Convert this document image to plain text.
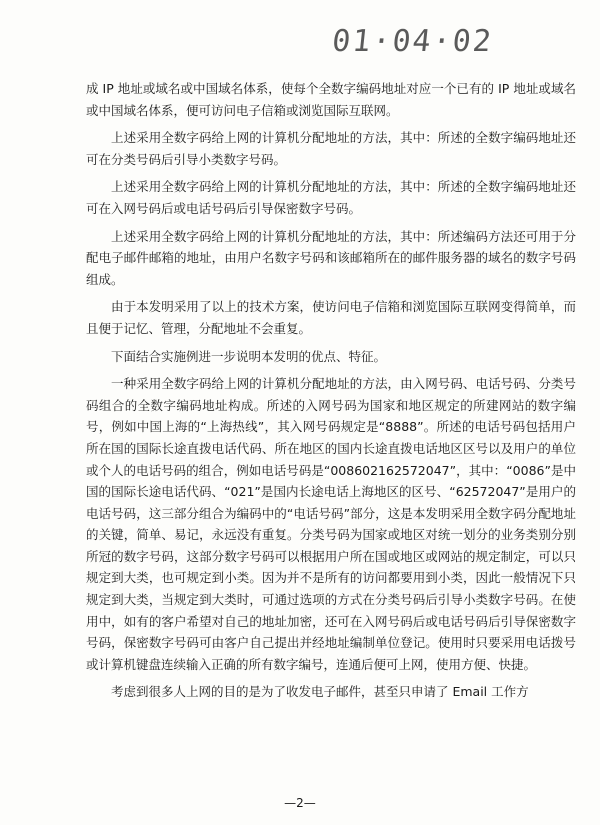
01·04·02

成 IP 地址或域名或中国域名体系，使每个全数字编码地址对应一个已有的 IP 地址或域名或中国域名体系，便可访问电子信箱或浏览国际互联网。

上述采用全数字码给上网的计算机分配地址的方法，其中：所述的全数字编码地址还可在分类号码后引导小类数字号码。

上述采用全数字码给上网的计算机分配地址的方法，其中：所述的全数字编码地址还可在入网号码后或电话号码后引导保密数字号码。

上述采用全数字码给上网的计算机分配地址的方法，其中：所述编码方法还可用于分配电子邮件邮箱的地址，由用户名数字号码和该邮箱所在的邮件服务器的域名的数字号码组成。

由于本发明采用了以上的技术方案，使访问电子信箱和浏览国际互联网变得简单，而且便于记忆、管理，分配地址不会重复。

下面结合实施例进一步说明本发明的优点、特征。

一种采用全数字码给上网的计算机分配地址的方法，由入网号码、电话号码、分类号码组合的全数字编码地址构成。所述的入网号码为国家和地区规定的所建网站的数字编号，例如中国上海的“上海热线”，其入网号码规定是“8888”。所述的电话号码包括用户所在国的国际长途直拨电话代码、所在地区的国内长途直拨电话地区区号以及用户的单位或个人的电话号码的组合，例如电话号码是“008602162572047”，其中：“0086”是中国的国际长途电话代码、“021”是国内长途电话上海地区的区号、“62572047”是用户的电话号码，这三部分组合为编码中的“电话号码”部分，这是本发明采用全数字码分配地址的关键，简单、易记，永远没有重复。分类号码为国家或地区对统一划分的业务类别分别所冠的数字号码，这部分数字号码可以根据用户所在国或地区或网站的规定制定，可以只规定到大类，也可规定到小类。因为并不是所有的访问都要用到小类，因此一般情况下只规定到大类，当规定到大类时，可通过选项的方式在分类号码后引导小类数字号码。在使用中，如有的客户希望对自己的地址加密，还可在入网号码后或电话号码后引导保密数字号码，保密数字号码可由客户自己提出并经地址编制单位登记。使用时只要采用电话拨号或计算机键盘连续输入正确的所有数字编号，连通后便可上网，使用方便、快捷。

考虑到很多人上网的目的是为了收发电子邮件，甚至只申请了 Email 工作方

—2—
